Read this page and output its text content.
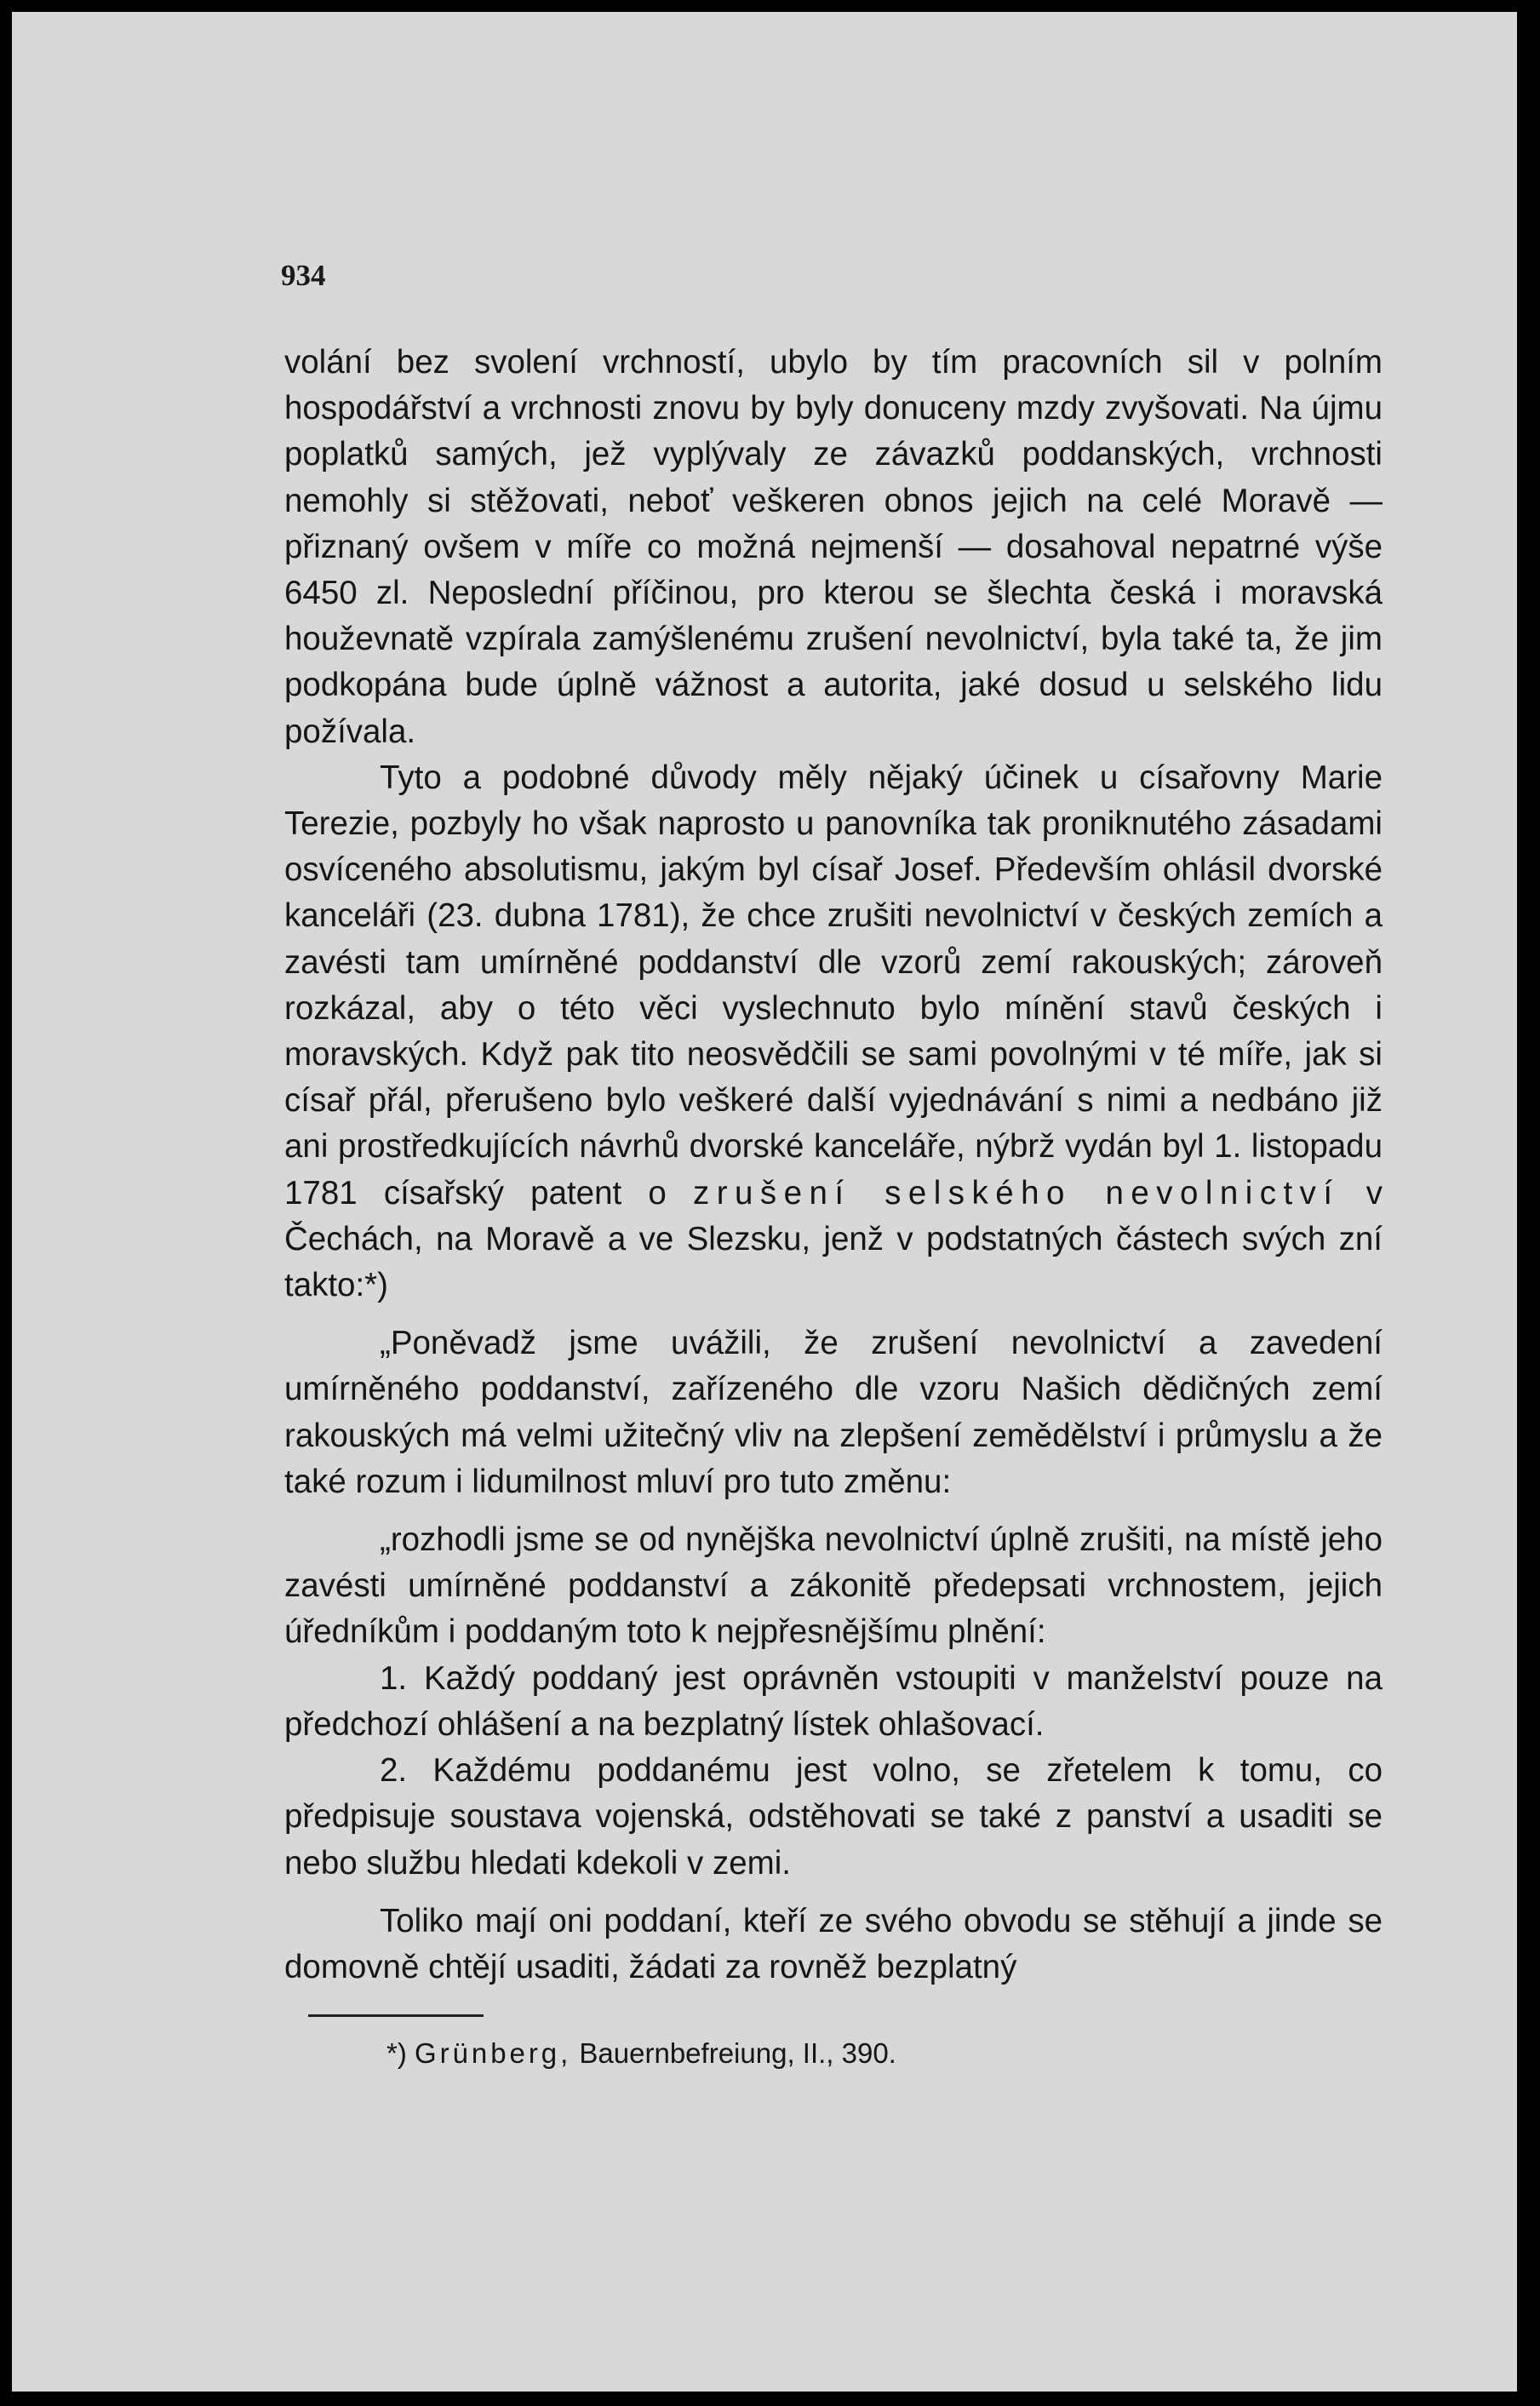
934

volání bez svolení vrchností, ubylo by tím pracovních sil v polním hospodářství a vrchnosti znovu by byly donuceny mzdy zvyšovati. Na újmu poplatků samých, jež vyplývaly ze závazků poddanských, vrchnosti nemohly si stěžovati, neboť veškeren obnos jejich na celé Moravě — přiznaný ovšem v míře co možná nejmenší — dosahoval nepatrné výše 6450 zl. Neposlední příčinou, pro kterou se šlechta česká i moravská houževnatě vzpírala zamýšlenému zrušení nevolnictví, byla také ta, že jim podkopána bude úplně vážnost a autorita, jaké dosud u selského lidu požívala.

Tyto a podobné důvody měly nějaký účinek u císařovny Marie Terezie, pozbyly ho však naprosto u panovníka tak proniknutého zásadami osvíceného absolutismu, jakým byl císař Josef. Především ohlásil dvorské kanceláři (23. dubna 1781), že chce zrušiti nevolnictví v českých zemích a zavésti tam umírněné poddanství dle vzorů zemí rakouských; zároveň rozkázal, aby o této věci vyslechnuto bylo mínění stavů českých i moravských. Když pak tito neosvědčili se sami povolnými v té míře, jak si císař přál, přerušeno bylo veškeré další vyjednávání s nimi a nedbáno již ani prostředkujících návrhů dvorské kanceláře, nýbrž vydán byl 1. listopadu 1781 císařský patent o zrušení selského nevolnictví v Čechách, na Moravě a ve Slezsku, jenž v podstatných částech svých zní takto:*)

„Poněvadž jsme uvážili, že zrušení nevolnictví a zavedení umírněného poddanství, zařízeného dle vzoru Našich dědičných zemí rakouských má velmi užitečný vliv na zlepšení zemědělství i průmyslu a že také rozum i lidumilnost mluví pro tuto změnu:

„rozhodli jsme se od nynějška nevolnictví úplně zrušiti, na místě jeho zavésti umírněné poddanství a zákonitě předepsati vrchnostem, jejich úředníkům i poddaným toto k nejpřesnějšímu plnění:

1. Každý poddaný jest oprávněn vstoupiti v manželství pouze na předchozí ohlášení a na bezplatný lístek ohlašovací.

2. Každému poddanému jest volno, se zřetelem k tomu, co předpisuje soustava vojenská, odstěhovati se také z panství a usaditi se nebo službu hledati kdekoli v zemi.

Toliko mají oni poddaní, kteří ze svého obvodu se stěhují a jinde se domovně chtějí usaditi, žádati za rovněž bezplatný

*) Grünberg, Bauernbefreiung, II., 390.
